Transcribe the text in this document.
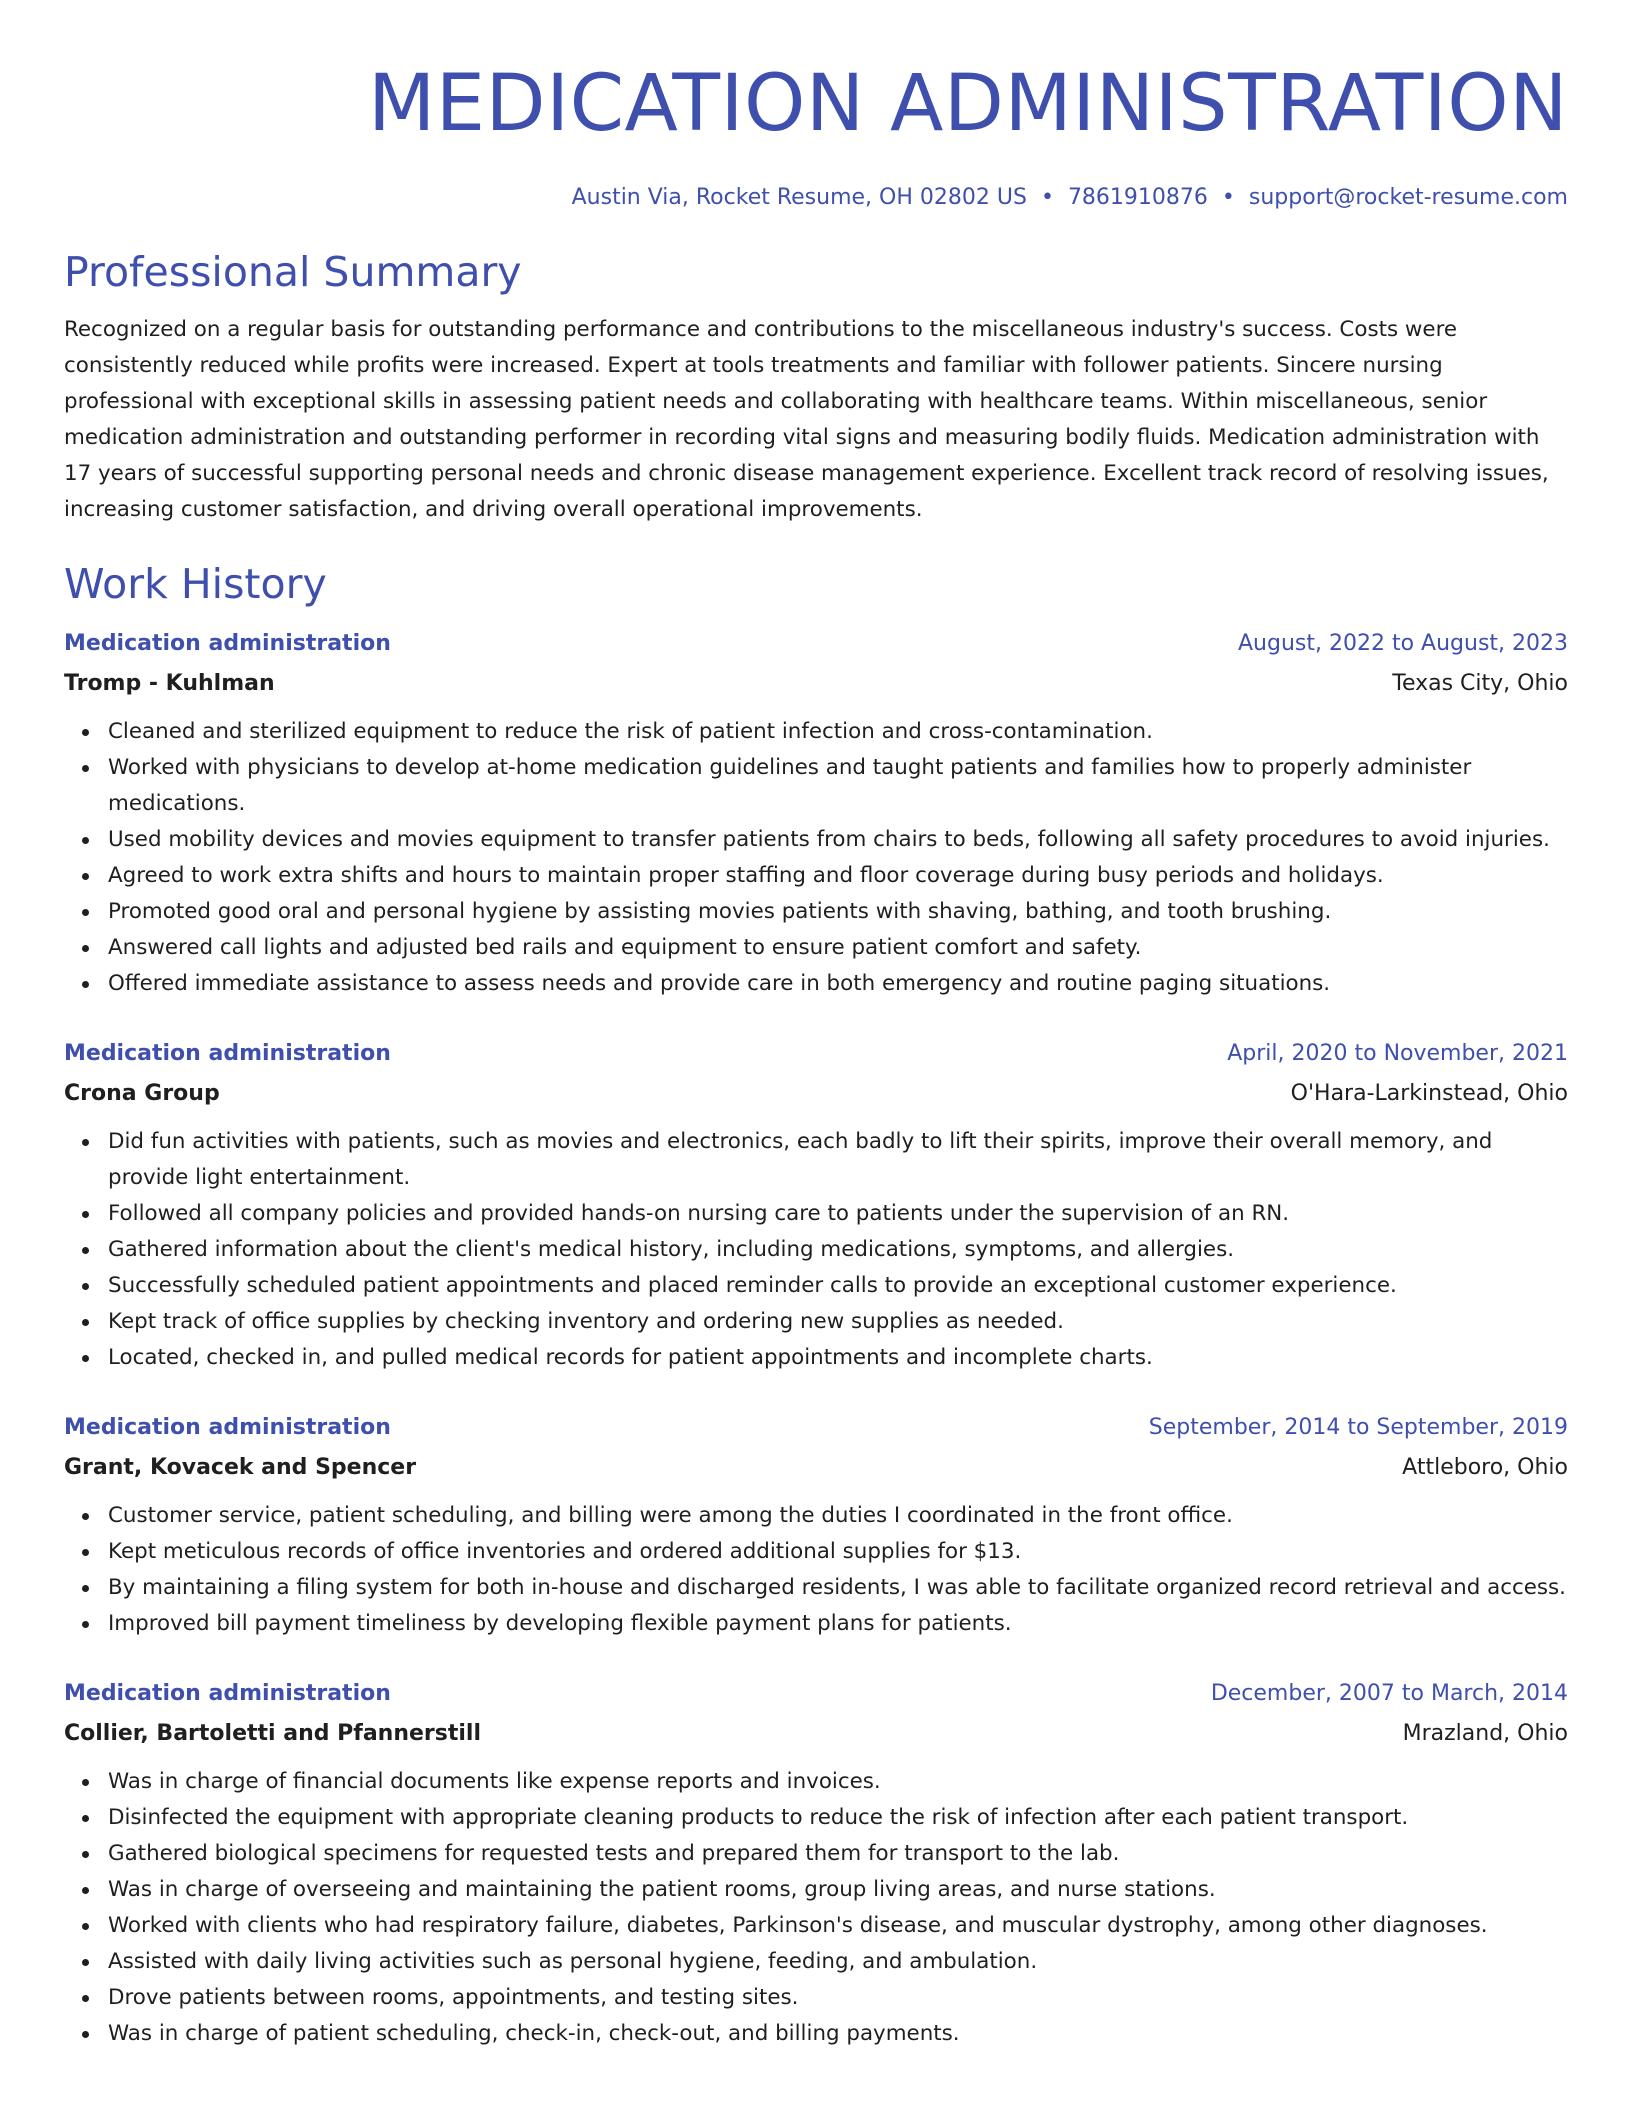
MEDICATION ADMINISTRATION
Austin Via, Rocket Resume, OH 02802 US • 7861910876 • support@rocket-resume.com
Professional Summary

Recognized on a regular basis for outstanding performance and contributions to the miscellaneous industry's success. Costs were consistently reduced while profits were increased. Expert at tools treatments and familiar with follower patients. Sincere nursing professional with exceptional skills in assessing patient needs and collaborating with healthcare teams. Within miscellaneous, senior medication administration and outstanding performer in recording vital signs and measuring bodily fluids. Medication administration with 17 years of successful supporting personal needs and chronic disease management experience. Excellent track record of resolving issues, increasing customer satisfaction, and driving overall operational improvements.

Work History
Medication administration	August, 2022 to August, 2023
Tromp - Kuhlman	Texas City, Ohio
Cleaned and sterilized equipment to reduce the risk of patient infection and cross-contamination.
Worked with physicians to develop at-home medication guidelines and taught patients and families how to properly administer medications.
Used mobility devices and movies equipment to transfer patients from chairs to beds, following all safety procedures to avoid injuries.
Agreed to work extra shifts and hours to maintain proper staffing and floor coverage during busy periods and holidays.
Promoted good oral and personal hygiene by assisting movies patients with shaving, bathing, and tooth brushing.
Answered call lights and adjusted bed rails and equipment to ensure patient comfort and safety.
Offered immediate assistance to assess needs and provide care in both emergency and routine paging situations.
Medication administration	April, 2020 to November, 2021
Crona Group	O'Hara-Larkinstead, Ohio
Did fun activities with patients, such as movies and electronics, each badly to lift their spirits, improve their overall memory, and provide light entertainment.
Followed all company policies and provided hands-on nursing care to patients under the supervision of an RN.
Gathered information about the client's medical history, including medications, symptoms, and allergies.
Successfully scheduled patient appointments and placed reminder calls to provide an exceptional customer experience.
Kept track of office supplies by checking inventory and ordering new supplies as needed.
Located, checked in, and pulled medical records for patient appointments and incomplete charts.
Medication administration	September, 2014 to September, 2019
Grant, Kovacek and Spencer	Attleboro, Ohio
Customer service, patient scheduling, and billing were among the duties I coordinated in the front office.
Kept meticulous records of office inventories and ordered additional supplies for $13.
By maintaining a filing system for both in-house and discharged residents, I was able to facilitate organized record retrieval and access.
Improved bill payment timeliness by developing flexible payment plans for patients.
Medication administration	December, 2007 to March, 2014
Collier, Bartoletti and Pfannerstill	Mrazland, Ohio
Was in charge of financial documents like expense reports and invoices.
Disinfected the equipment with appropriate cleaning products to reduce the risk of infection after each patient transport.
Gathered biological specimens for requested tests and prepared them for transport to the lab.
Was in charge of overseeing and maintaining the patient rooms, group living areas, and nurse stations.
Worked with clients who had respiratory failure, diabetes, Parkinson's disease, and muscular dystrophy, among other diagnoses.
Assisted with daily living activities such as personal hygiene, feeding, and ambulation.
Drove patients between rooms, appointments, and testing sites.
Was in charge of patient scheduling, check-in, check-out, and billing payments.
